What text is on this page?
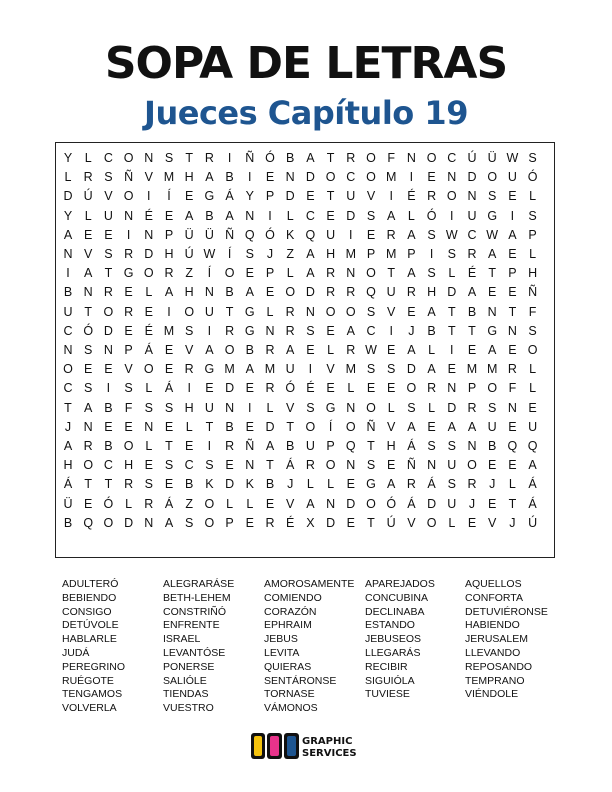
SOPA DE LETRAS
Jueces Capítulo 19
Y	L C O N S T R	I	Ñ Ó B A T R O F N O C Ú Ü W S
L R S Ñ V M H A B	I	E N D O C O M	I	E N D O U Ó
D Ú V O	I	Í	E G Á Y P D E T U V	I	É R O N S E	L
Y	L U N É E A B A N	I	L C E D S A	L Ó	I	U G	I	S
A E E	I	N P Ü Ü Ñ Q Ó K Q U	I	E R A S W C W A P
N V S R D H Ú W	Í	S	J	Z A H M P M P	I	S R A E	L
I	A T G O R Z	Í	O E P	L	A R N O T A S	L	É T P H
B N R E	L	A H N B A E O D R R Q U R H D A E E Ñ
U T O R E	I	O U T G L R N O O S V E A T B N T	F
C Ó D E É M S	I	R G N R S E A C	I	J	B T	T G N S
N S N P Á E V A O B R A E	L R W E A	L	I	E A E O
O E E V O E R G M A M U	I	V M S S D A E M M R L
C S	I	S	L	Á	I	E D E R Ó É E	L	E E O R N P O F	L
T A B F S S H U N	I	L	V S G N O L	S	L D R S N E
J	N E E N E	L	T B E D T O	Í	O Ñ V A E A A U E U
A R B O L	T E	I	R Ñ A B U P Q T H Á S S N B Q Q
H O C H E S C S E N T Á R O N S E Ñ N U O E E A
Á T	T R S E B K D K B	J	L	L	E G A R Á S R	J	L	Á
Ü E Ó L R Á Z O L	L	E V A N D O Ó Á D U	J	E T Á
B Q O D N A S O P E R É X D E T Ú V O L	E V	J	Ú
ADULTERÓ
BEBIENDO
CONSIGO
DETÚVOLE
HABLARLE
JUDÁ
PEREGRINO
RUÉGOTE
TENGAMOS
VOLVERLA
ALEGRARÁSE
BETH-LEHEM
CONSTRIÑÓ
ENFRENTE
ISRAEL
LEVANTÓSE
PONERSE
SALIÓLE
TIENDAS
VUESTRO
AMOROSAMENTE
COMIENDO
CORAZÓN
EPHRAIM
JEBUS
LEVITA
QUIERAS
SENTÁRONSE
TORNASE
VÁMONOS
APAREJADOS
CONCUBINA
DECLINABA
ESTANDO
JEBUSEOS
LLEGARÁS
RECIBIR
SIGUIÓLA
TUVIESE
AQUELLOS
CONFORTA
DETUVIÉRONSE
HABIENDO
JERUSALEM
LLEVANDO
REPOSANDO
TEMPRANO
VIÉNDOLE
GRAPHIC
SERVICES
